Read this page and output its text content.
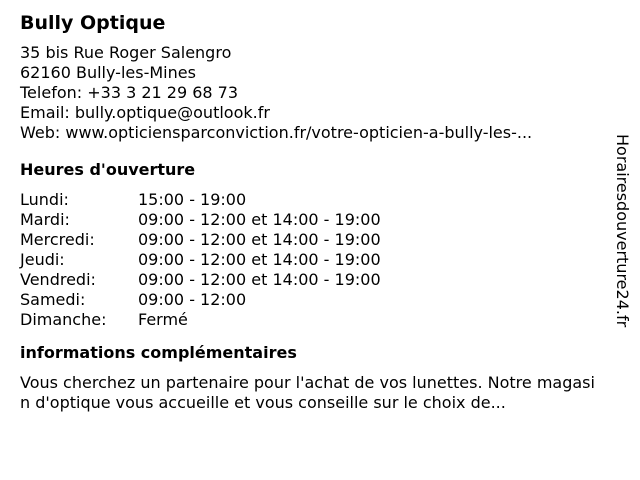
Bully Optique
35 bis Rue Roger Salengro
62160 Bully-les-Mines
Telefon: +33 3 21 29 68 73
Email: bully.optique@outlook.fr
Web: www.opticiensparconviction.fr/votre-opticien-a-bully-les-...
Heures d'ouverture
Lundi:	15:00 - 19:00
Mardi:	09:00 - 12:00 et 14:00 - 19:00
Mercredi:	09:00 - 12:00 et 14:00 - 19:00
Jeudi:	09:00 - 12:00 et 14:00 - 19:00
Vendredi:	09:00 - 12:00 et 14:00 - 19:00
Samedi:	09:00 - 12:00
Dimanche:	Fermé
informations complémentaires
Vous cherchez un partenaire pour l'achat de vos lunettes. Notre magasin d'optique vous accueille et vous conseille sur le choix de...
Horairesdouverture24.fr
